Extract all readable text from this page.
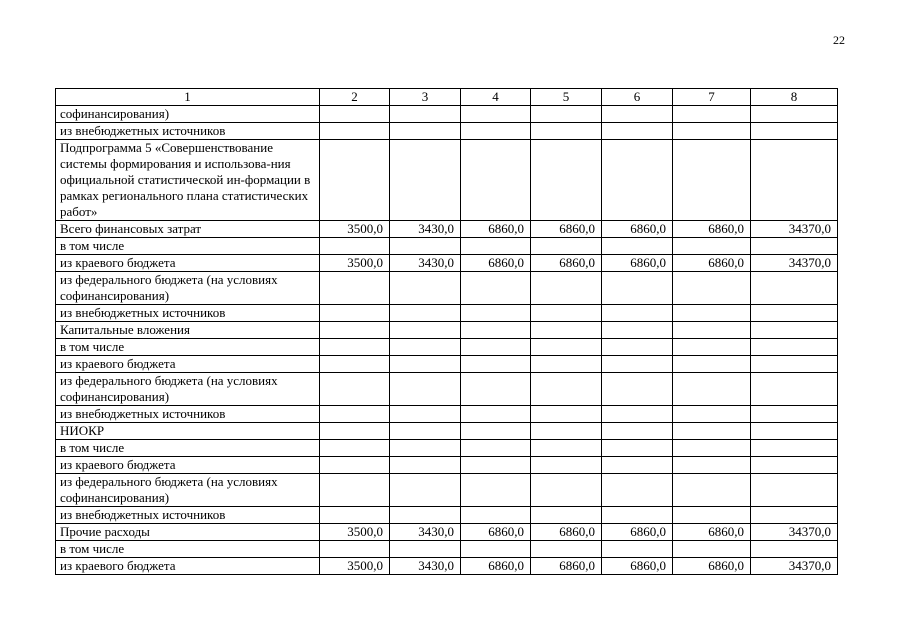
22
1	2	3	4	5	6	7	8
софинансирования)							
из внебюджетных источников							
Подпрограмма 5 «Совершенствование системы формирования и использова-ния официальной статистической ин-формации в рамках регионального плана статистических работ»							
Всего финансовых затрат	3500,0	3430,0	6860,0	6860,0	6860,0	6860,0	34370,0
в том числе							
из краевого бюджета	3500,0	3430,0	6860,0	6860,0	6860,0	6860,0	34370,0
из федерального бюджета (на условиях софинансирования)							
из внебюджетных источников							
Капитальные вложения							
в том числе							
из краевого бюджета							
из федерального бюджета (на условиях софинансирования)							
из внебюджетных источников							
НИОКР							
в том числе							
из краевого бюджета							
из федерального бюджета (на условиях софинансирования)							
из внебюджетных источников							
Прочие расходы	3500,0	3430,0	6860,0	6860,0	6860,0	6860,0	34370,0
в том числе							
из краевого бюджета	3500,0	3430,0	6860,0	6860,0	6860,0	6860,0	34370,0
